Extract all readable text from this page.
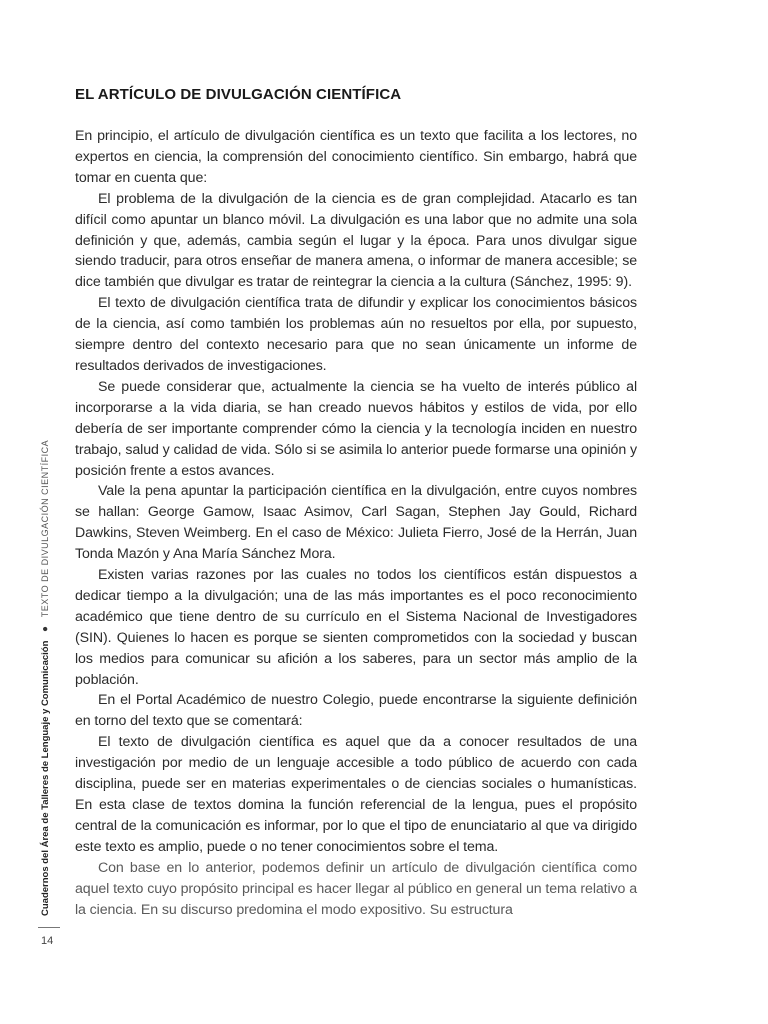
EL ARTÍCULO DE DIVULGACIÓN CIENTÍFICA

En principio, el artículo de divulgación científica es un texto que facilita a los lectores, no expertos en ciencia, la comprensión del conocimiento científico. Sin embargo, habrá que tomar en cuenta que:

El problema de la divulgación de la ciencia es de gran complejidad. Atacarlo es tan difícil como apuntar un blanco móvil. La divulgación es una labor que no admite una sola definición y que, además, cambia según el lugar y la época. Para unos divulgar sigue siendo traducir, para otros enseñar de manera amena, o informar de manera accesible; se dice también que divulgar es tratar de reintegrar la ciencia a la cultura (Sánchez, 1995: 9).

El texto de divulgación científica trata de difundir y explicar los conocimientos básicos de la ciencia, así como también los problemas aún no resueltos por ella, por supuesto, siempre dentro del contexto necesario para que no sean únicamente un informe de resultados derivados de investigaciones.

Se puede considerar que, actualmente la ciencia se ha vuelto de interés público al incorporarse a la vida diaria, se han creado nuevos hábitos y estilos de vida, por ello debería de ser importante comprender cómo la ciencia y la tecnología inciden en nuestro trabajo, salud y calidad de vida. Sólo si se asimila lo anterior puede formarse una opinión y posición frente a estos avances.

Vale la pena apuntar la participación científica en la divulgación, entre cuyos nombres se hallan: George Gamow, Isaac Asimov, Carl Sagan, Stephen Jay Gould, Richard Dawkins, Steven Weimberg. En el caso de México: Julieta Fierro, José de la Herrán, Juan Tonda Mazón y Ana María Sánchez Mora.

Existen varias razones por las cuales no todos los científicos están dispuestos a dedicar tiempo a la divulgación; una de las más importantes es el poco reconocimiento académico que tiene dentro de su currículo en el Sistema Nacional de Investigadores (SIN). Quienes lo hacen es porque se sienten comprometidos con la sociedad y buscan los medios para comunicar su afición a los saberes, para un sector más amplio de la población.

En el Portal Académico de nuestro Colegio, puede encontrarse la siguiente definición en torno del texto que se comentará:

El texto de divulgación científica es aquel que da a conocer resultados de una investigación por medio de un lenguaje accesible a todo público de acuerdo con cada disciplina, puede ser en materias experimentales o de ciencias sociales o humanísticas. En esta clase de textos domina la función referencial de la lengua, pues el propósito central de la comunicación es informar, por lo que el tipo de enunciatario al que va dirigido este texto es amplio, puede o no tener conocimientos sobre el tema.

Con base en lo anterior, podemos definir un artículo de divulgación científica como aquel texto cuyo propósito principal es hacer llegar al público en general un tema relativo a la ciencia. En su discurso predomina el modo expositivo. Su estructura

Cuadernos del Área de Talleres de Lenguaje y Comunicación ● TEXTO DE DIVULGACIÓN CIENTÍFICA
14
